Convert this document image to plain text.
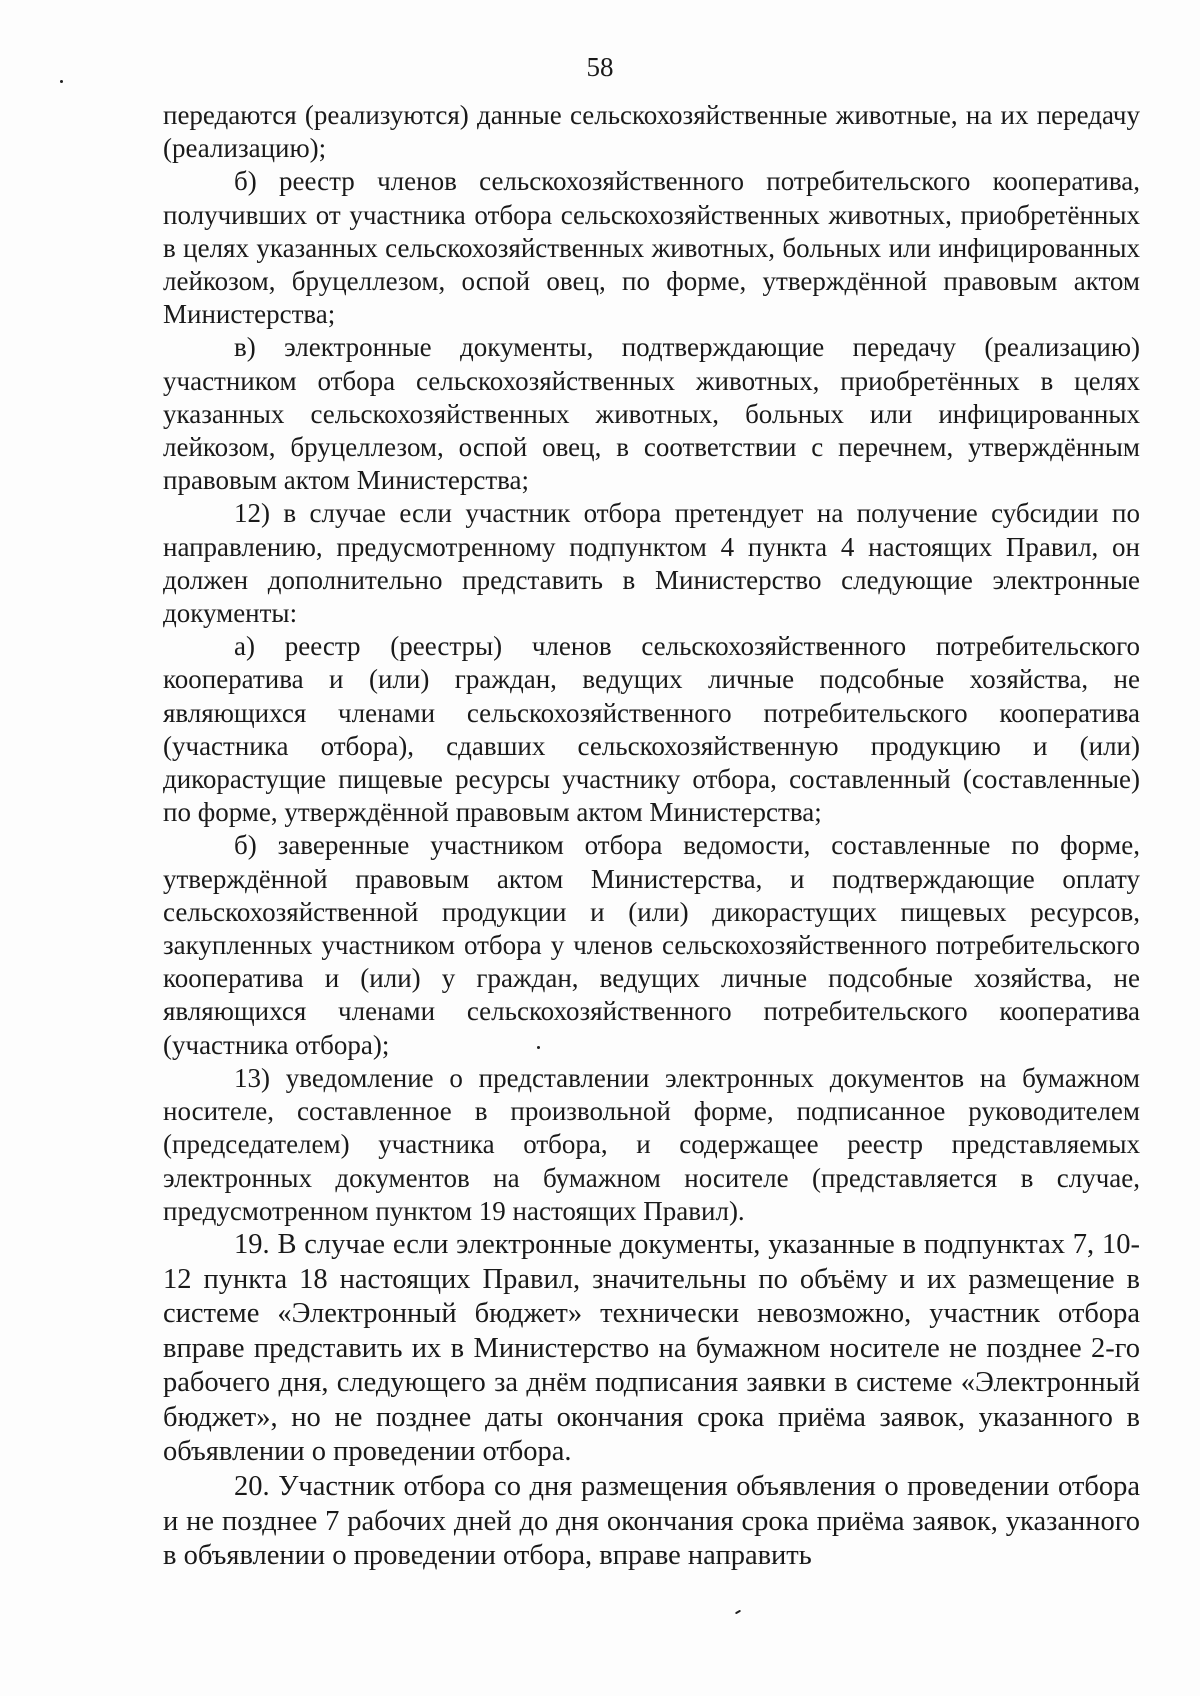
58

передаются (реализуются) данные сельскохозяйственные животные, на их передачу (реализацию);

б) реестр членов сельскохозяйственного потребительского кооператива, получивших от участника отбора сельскохозяйственных животных, приобретённых в целях указанных сельскохозяйственных животных, больных или инфицированных лейкозом, бруцеллезом, оспой овец, по форме, утверждённой правовым актом Министерства;

в) электронные документы, подтверждающие передачу (реализацию) участником отбора сельскохозяйственных животных, приобретённых в целях указанных сельскохозяйственных животных, больных или инфицированных лейкозом, бруцеллезом, оспой овец, в соответствии с перечнем, утверждённым правовым актом Министерства;

12) в случае если участник отбора претендует на получение субсидии по направлению, предусмотренному подпунктом 4 пункта 4 настоящих Правил, он должен дополнительно представить в Министерство следующие электронные документы:

а) реестр (реестры) членов сельскохозяйственного потребительского кооператива и (или) граждан, ведущих личные подсобные хозяйства, не являющихся членами сельскохозяйственного потребительского кооператива (участника отбора), сдавших сельскохозяйственную продукцию и (или) дикорастущие пищевые ресурсы участнику отбора, составленный (составленные) по форме, утверждённой правовым актом Министерства;

б) заверенные участником отбора ведомости, составленные по форме, утверждённой правовым актом Министерства, и подтверждающие оплату сельскохозяйственной продукции и (или) дикорастущих пищевых ресурсов, закупленных участником отбора у членов сельскохозяйственного потребительского кооператива и (или) у граждан, ведущих личные подсобные хозяйства, не являющихся членами сельскохозяйственного потребительского кооператива (участника отбора);

13) уведомление о представлении электронных документов на бумажном носителе, составленное в произвольной форме, подписанное руководителем (председателем) участника отбора, и содержащее реестр представляемых электронных документов на бумажном носителе (представляется в случае, предусмотренном пунктом 19 настоящих Правил).

19. В случае если электронные документы, указанные в подпунктах 7, 10-12 пункта 18 настоящих Правил, значительны по объёму и их размещение в системе «Электронный бюджет» технически невозможно, участник отбора вправе представить их в Министерство на бумажном носителе не позднее 2-го рабочего дня, следующего за днём подписания заявки в системе «Электронный бюджет», но не позднее даты окончания срока приёма заявок, указанного в объявлении о проведении отбора.

20. Участник отбора со дня размещения объявления о проведении отбора и не позднее 7 рабочих дней до дня окончания срока приёма заявок, указанного в объявлении о проведении отбора, вправе направить
